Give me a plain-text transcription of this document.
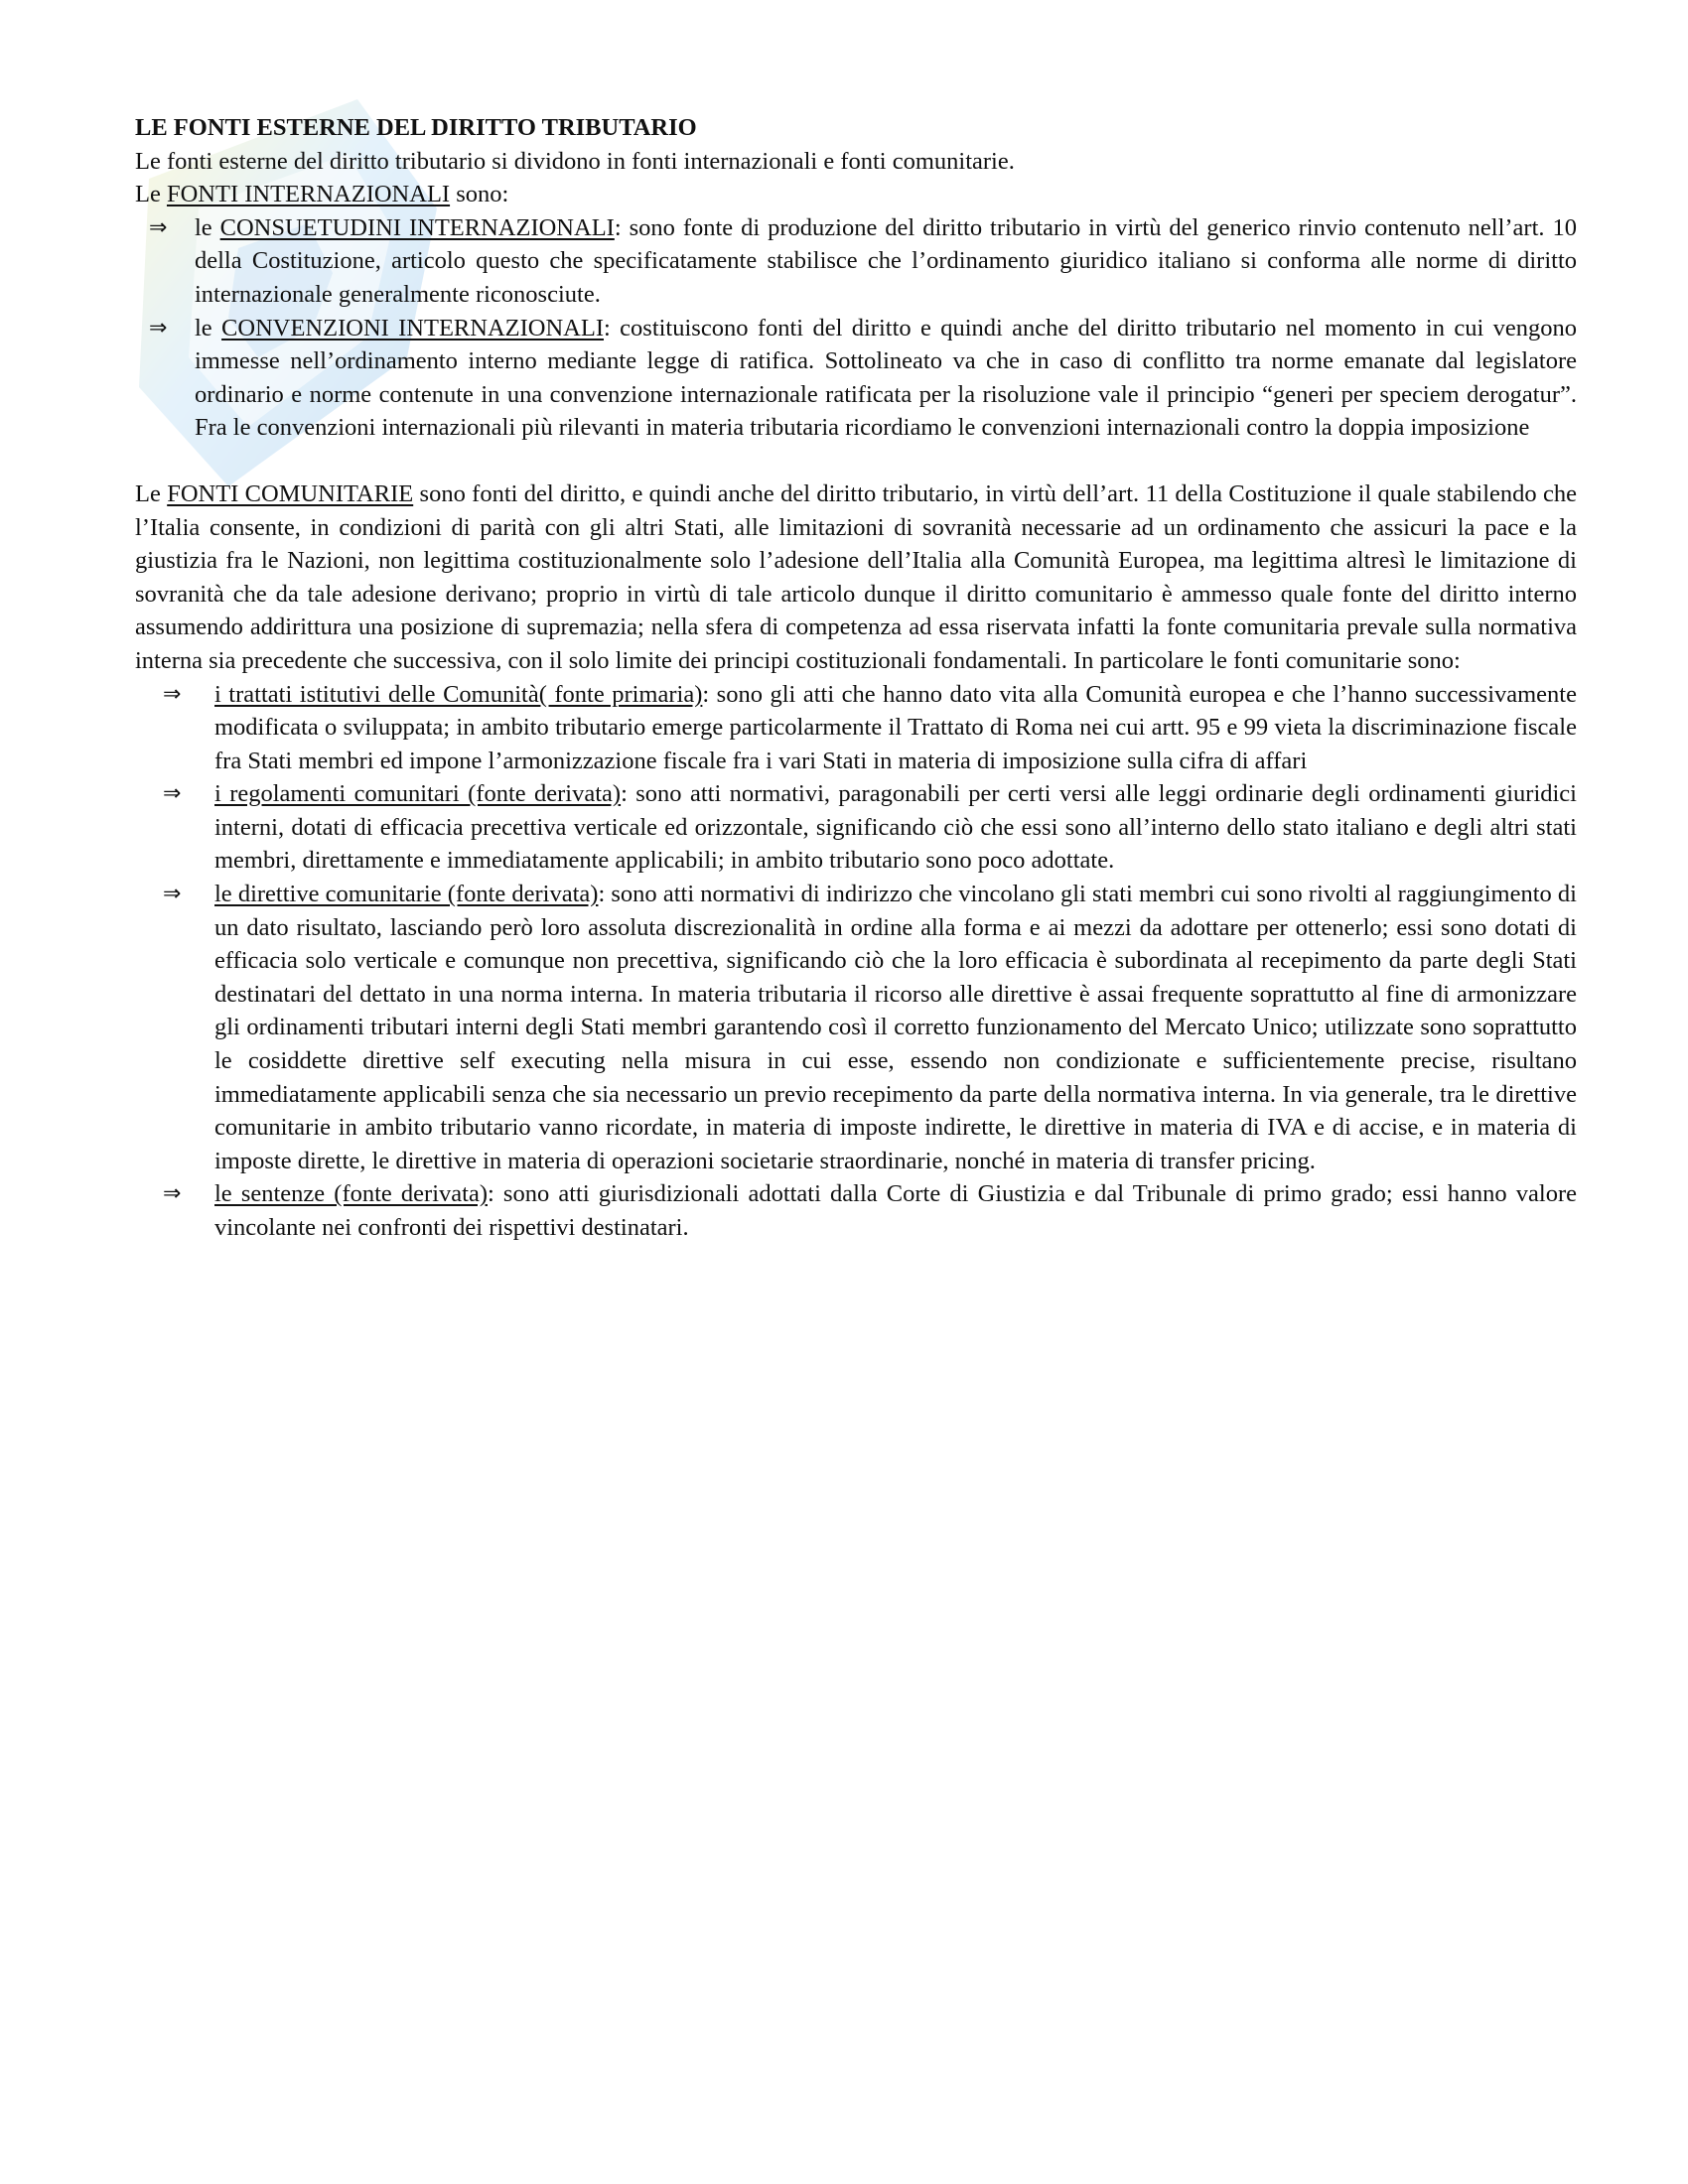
LE FONTI ESTERNE DEL DIRITTO TRIBUTARIO

Le fonti esterne del diritto tributario si dividono in fonti internazionali e fonti comunitarie.

Le FONTI INTERNAZIONALI sono:

⇒ le CONSUETUDINI INTERNAZIONALI: sono fonte di produzione del diritto tributario in virtù del generico rinvio contenuto nell’art. 10 della Costituzione, articolo questo che specificatamente stabilisce che l’ordinamento giuridico italiano si conforma alle norme di diritto internazionale generalmente riconosciute.
⇒ le CONVENZIONI INTERNAZIONALI: costituiscono fonti del diritto e quindi anche del diritto tributario nel momento in cui vengono immesse nell’ordinamento interno mediante legge di ratifica. Sottolineato va che in caso di conflitto tra norme emanate dal legislatore ordinario e norme contenute in una convenzione internazionale ratificata per la risoluzione vale il principio “generi per speciem derogatur”. Fra le convenzioni internazionali più rilevanti in materia tributaria ricordiamo le convenzioni internazionali contro la doppia imposizione

Le FONTI COMUNITARIE sono fonti del diritto, e quindi anche del diritto tributario, in virtù dell’art. 11 della Costituzione il quale stabilendo che l’Italia consente, in condizioni di parità con gli altri Stati, alle limitazioni di sovranità necessarie ad un ordinamento che assicuri la pace e la giustizia fra le Nazioni, non legittima costituzionalmente solo l’adesione dell’Italia alla Comunità Europea, ma legittima altresì le limitazione di sovranità che da tale adesione derivano; proprio in virtù di tale articolo dunque il diritto comunitario è ammesso quale fonte del diritto interno assumendo addirittura una posizione di supremazia; nella sfera di competenza ad essa riservata infatti la fonte comunitaria prevale sulla normativa interna sia precedente che successiva, con il solo limite dei principi costituzionali fondamentali. In particolare le fonti comunitarie sono:

⇒ i trattati istitutivi delle Comunità( fonte primaria): sono gli atti che hanno dato vita alla Comunità europea e che l’hanno successivamente modificata o sviluppata; in ambito tributario emerge particolarmente il Trattato di Roma nei cui artt. 95 e 99 vieta la discriminazione fiscale fra Stati membri ed impone l’armonizzazione fiscale fra i vari Stati in materia di imposizione sulla cifra di affari
⇒ i regolamenti comunitari (fonte derivata): sono atti normativi, paragonabili per certi versi alle leggi ordinarie degli ordinamenti giuridici interni, dotati di efficacia precettiva verticale ed orizzontale, significando ciò che essi sono all’interno dello stato italiano e degli altri stati membri, direttamente e immediatamente applicabili; in ambito tributario sono poco adottate.
⇒ le direttive comunitarie (fonte derivata): sono atti normativi di indirizzo che vincolano gli stati membri cui sono rivolti al raggiungimento di un dato risultato, lasciando però loro assoluta discrezionalità in ordine alla forma e ai mezzi da adottare per ottenerlo; essi sono dotati di efficacia solo verticale e comunque non precettiva, significando ciò che la loro efficacia è subordinata al recepimento da parte degli Stati destinatari del dettato in una norma interna. In materia tributaria il ricorso alle direttive è assai frequente soprattutto al fine di armonizzare gli ordinamenti tributari interni degli Stati membri garantendo così il corretto funzionamento del Mercato Unico; utilizzate sono soprattutto le cosiddette direttive self executing nella misura in cui esse, essendo non condizionate e sufficientemente precise, risultano immediatamente applicabili senza che sia necessario un previo recepimento da parte della normativa interna. In via generale, tra le direttive comunitarie in ambito tributario vanno ricordate, in materia di imposte indirette, le direttive in materia di IVA e di accise, e in materia di imposte dirette, le direttive in materia di operazioni societarie straordinarie, nonché in materia di transfer pricing.
⇒ le sentenze (fonte derivata): sono atti giurisdizionali adottati dalla Corte di Giustizia e dal Tribunale di primo grado; essi hanno valore vincolante nei confronti dei rispettivi destinatari.
